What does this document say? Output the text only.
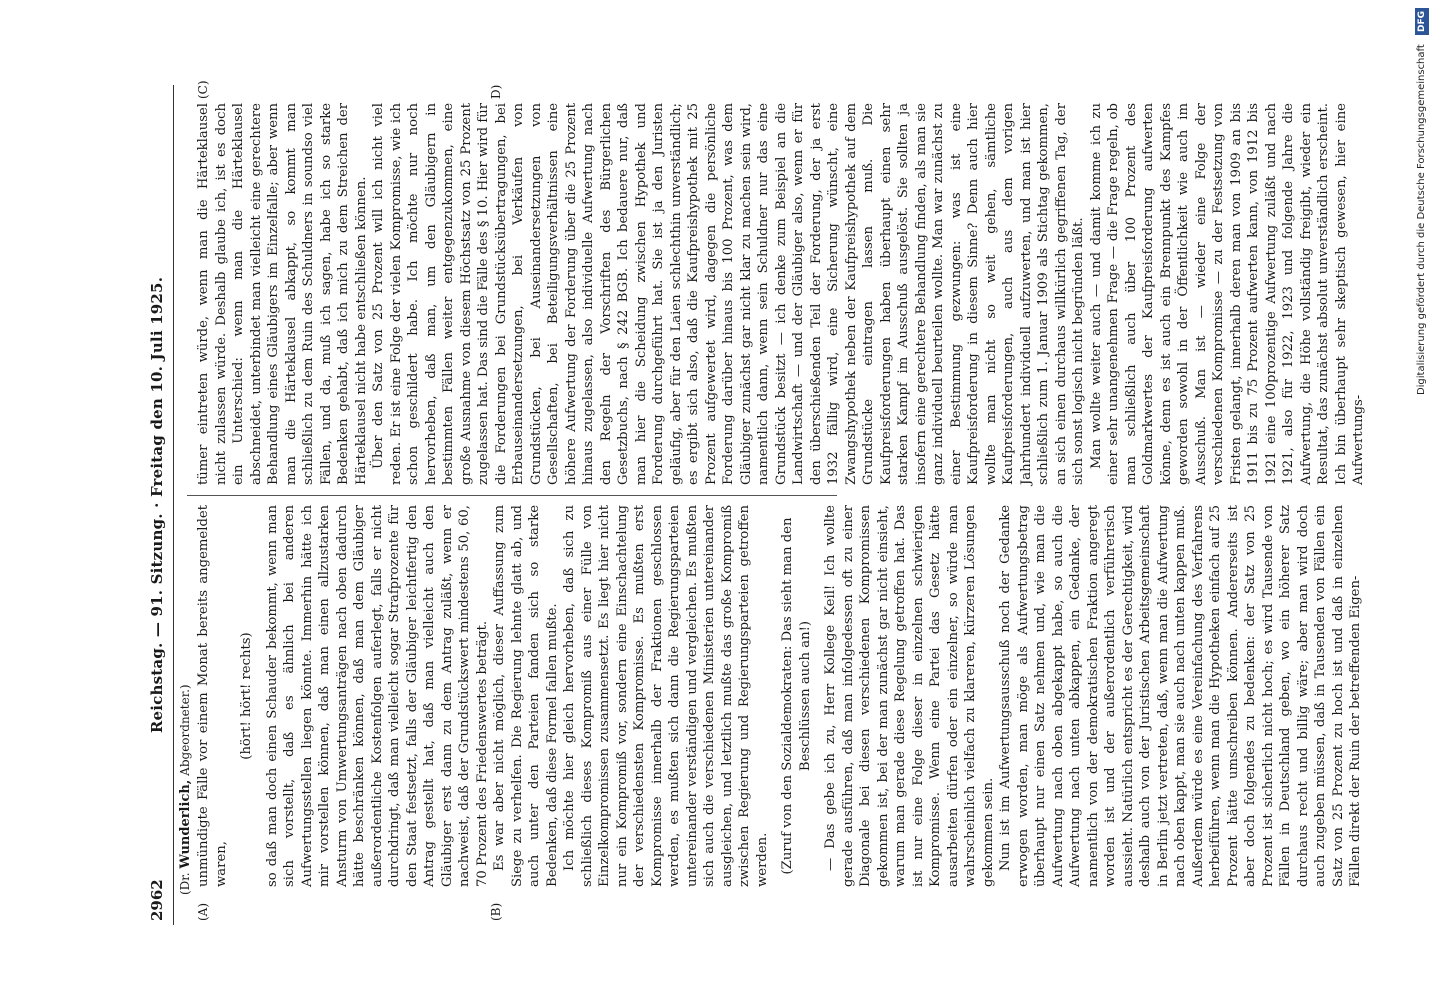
2962
Reichstag. — 91. Sitzung. · Freitag den 10. Juli 1925.
(Dr. Wunderlich, Abgeordneter.)
(A)	(B)
(C)	D)

unmündigte Fälle vor einem Monat bereits angemeldet waren,

(hört! hört! rechts) so daß man doch einen Schauder bekommt, wenn man sich vorstellt, daß es ähnlich bei anderen Aufwertungsstellen liegen könnte. Immerhin hätte ich mir vorstellen können, daß man einen allzustarken Ansturm von Umwertungsanträgen nach oben dadurch hätte beschränken können, daß man dem Gläubiger außerordentliche Kostenfolgen auferlegt, falls er nicht durchdringt, daß man vielleicht sogar Strafprozente für den Staat festsetzt, falls der Gläubiger leichtfertig den Antrag gestellt hat, daß man vielleicht auch den Gläubiger erst dann zu dem Antrag zuläßt, wenn er nachweist, daß der Grundstückswert mindestens 50, 60, 70 Prozent des Friedenswertes beträgt. Es war aber nicht möglich, dieser Auffassung zum Siege zu verhelfen. Die Regierung lehnte glatt ab, und auch unter den Parteien fanden sich so starke Bedenken, daß diese Formel fallen mußte. Ich möchte hier gleich hervorheben, daß sich zu schließlich dieses Kompromiß aus einer Fülle von Einzelkompromissen zusammensetzt. Es liegt hier nicht nur ein Kompromiß vor, sondern eine Einschachtelung der verschiedensten Kompromisse. Es mußten erst Kompromisse innerhalb der Fraktionen geschlossen werden, es mußten sich dann die Regierungsparteien untereinander verständigen und vergleichen. Es mußten sich auch die verschiedenen Ministerien untereinander ausgleichen, und letztlich mußte das große Kompromiß zwischen Regierung und Regierungsparteien getroffen werden. (Zuruf von den Sozialdemokraten: Das sieht man den Beschlüssen auch an!) — Das gebe ich zu, Herr Kollege Keil! Ich wollte gerade ausführen, daß man infolgedessen oft zu einer Diagonale bei diesen verschiedenen Kompromissen gekommen ist, bei der man zunächst gar nicht einsieht, warum man gerade diese Regelung getroffen hat. Das ist nur eine Folge dieser in einzelnen schwierigen Kompromisse. Wenn eine Partei das Gesetz hätte ausarbeiten dürfen oder ein einzelner, so würde man wahrscheinlich vielfach zu klareren, kürzeren Lösungen gekommen sein. Nun ist im Aufwertungsausschuß noch der Gedanke erwogen worden, man möge als Aufwertungsbetrag überhaupt nur einen Satz nehmen und, wie man die Aufwertung nach oben abgekappt habe, so auch die Aufwertung nach unten abkappen, ein Gedanke, der namentlich von der demokratischen Fraktion angeregt worden ist und der außerordentlich verführerisch aussieht. Natürlich entspricht es der Gerechtigkeit, wird deshalb auch von der Juristischen Arbeitsgemeinschaft in Berlin jetzt vertreten, daß, wenn man die Aufwertung nach oben kappt, man sie auch nach unten kappen muß. Außerdem würde es eine Vereinfachung des Verfahrens herbeiführen, wenn man die Hypotheken einfach auf 25 Prozent hätte umschreiben können. Andererseits ist aber doch folgendes zu bedenken: der Satz von 25 Prozent ist sicherlich nicht hoch; es wird Tausende von Fällen in Deutschland geben, wo ein höherer Satz durchaus recht und billig wäre; aber man wird doch auch zugeben müssen, daß in Tausenden von Fällen ein Satz von 25 Prozent zu hoch ist und daß in einzelnen Fällen direkt der Ruin der betreffenden Eigen-

tümer eintreten würde, wenn man die Härteklausel nicht zulassen würde. Deshalb glaube ich, ist es doch ein Unterschied: wenn man die Härteklausel abschneidet, unterbindet man vielleicht eine gerechtere Behandlung eines Gläubigers im Einzelfalle; aber wenn man die Härteklausel abkappt, so kommt man schließlich zu dem Ruin des Schuldners in soundso viel Fällen, und da, muß ich sagen, habe ich so starke Bedenken gehabt, daß ich mich zu dem Streichen der Härteklausel nicht habe entschließen können. Über den Satz von 25 Prozent will ich nicht viel reden. Er ist eine Folge der vielen Kompromisse, wie ich schon geschildert habe. Ich möchte nur noch hervorheben, daß man, um den Gläubigern in bestimmten Fällen weiter entgegenzukommen, eine große Ausnahme von diesem Höchstsatz von 25 Prozent zugelassen hat. Das sind die Fälle des § 10. Hier wird für die Forderungen bei Grundstücksübertragungen, bei Erbauseinandersetzungen, bei Verkäufen von Grundstücken, bei Auseinandersetzungen von Gesellschaften, bei Beteiligungsverhältnissen eine höhere Aufwertung der Forderung über die 25 Prozent hinaus zugelassen, also individuelle Aufwertung nach den Regeln der Vorschriften des Bürgerlichen Gesetzbuchs, nach § 242 BGB. Ich bedauere nur, daß man hier die Scheidung zwischen Hypothek und Forderung durchgeführt hat. Sie ist ja den Juristen geläufig, aber für den Laien schlechthin unverständlich; es ergibt sich also, daß die Kaufpreishypothek mit 25 Prozent aufgewertet wird, dagegen die persönliche Forderung darüber hinaus bis 100 Prozent, was dem Gläubiger zunächst gar nicht klar zu machen sein wird, namentlich dann, wenn sein Schuldner nur das eine Grundstück besitzt — ich denke zum Beispiel an die Landwirtschaft — und der Gläubiger also, wenn er für den überschießenden Teil der Forderung, der ja erst 1932 fällig wird, eine Sicherung wünscht, eine Zwangshypothek neben der Kaufpreishypothek auf dem Grundstücke eintragen lassen muß. Die Kaufpreisforderungen haben überhaupt einen sehr starken Kampf im Ausschuß ausgelöst. Sie sollten ja insofern eine gerechtere Behandlung finden, als man sie ganz individuell beurteilen wollte. Man war zunächst zu einer Bestimmung gezwungen: was ist eine Kaufpreisforderung in diesem Sinne? Denn auch hier wollte man nicht so weit gehen, sämtliche Kaufpreisforderungen, auch aus dem vorigen Jahrhundert individuell aufzuwerten, und man ist hier schließlich zum 1. Januar 1909 als Stichtag gekommen, an sich einen durchaus willkürlich gegriffenen Tag, der sich sonst logisch nicht begründen läßt. Man wollte weiter auch — und damit komme ich zu einer sehr unangenehmen Frage — die Frage regeln, ob man schließlich auch über 100 Prozent des Goldmarkwertes der Kaufpreisforderung aufwerten könne, denn es ist auch ein Brennpunkt des Kampfes geworden sowohl in der Öffentlichkeit wie auch im Ausschuß. Man ist — wieder eine Folge der verschiedenen Kompromisse — zu der Festsetzung von Fristen gelangt, innerhalb deren man von 1909 an bis 1911 bis zu 75 Prozent aufwerten kann, von 1912 bis 1921 eine 100prozentige Aufwertung zuläßt und nach 1921, also für 1922, 1923 und folgende Jahre die Aufwertung, die Höhe vollständig freigibt, wieder ein Resultat, das zunächst absolut unverständlich erscheint. Ich bin überhaupt sehr skeptisch gewesen, hier eine Aufwertungs-

Digitalisierung gefördert durch die Deutsche Forschungsgemeinschaft DFG
